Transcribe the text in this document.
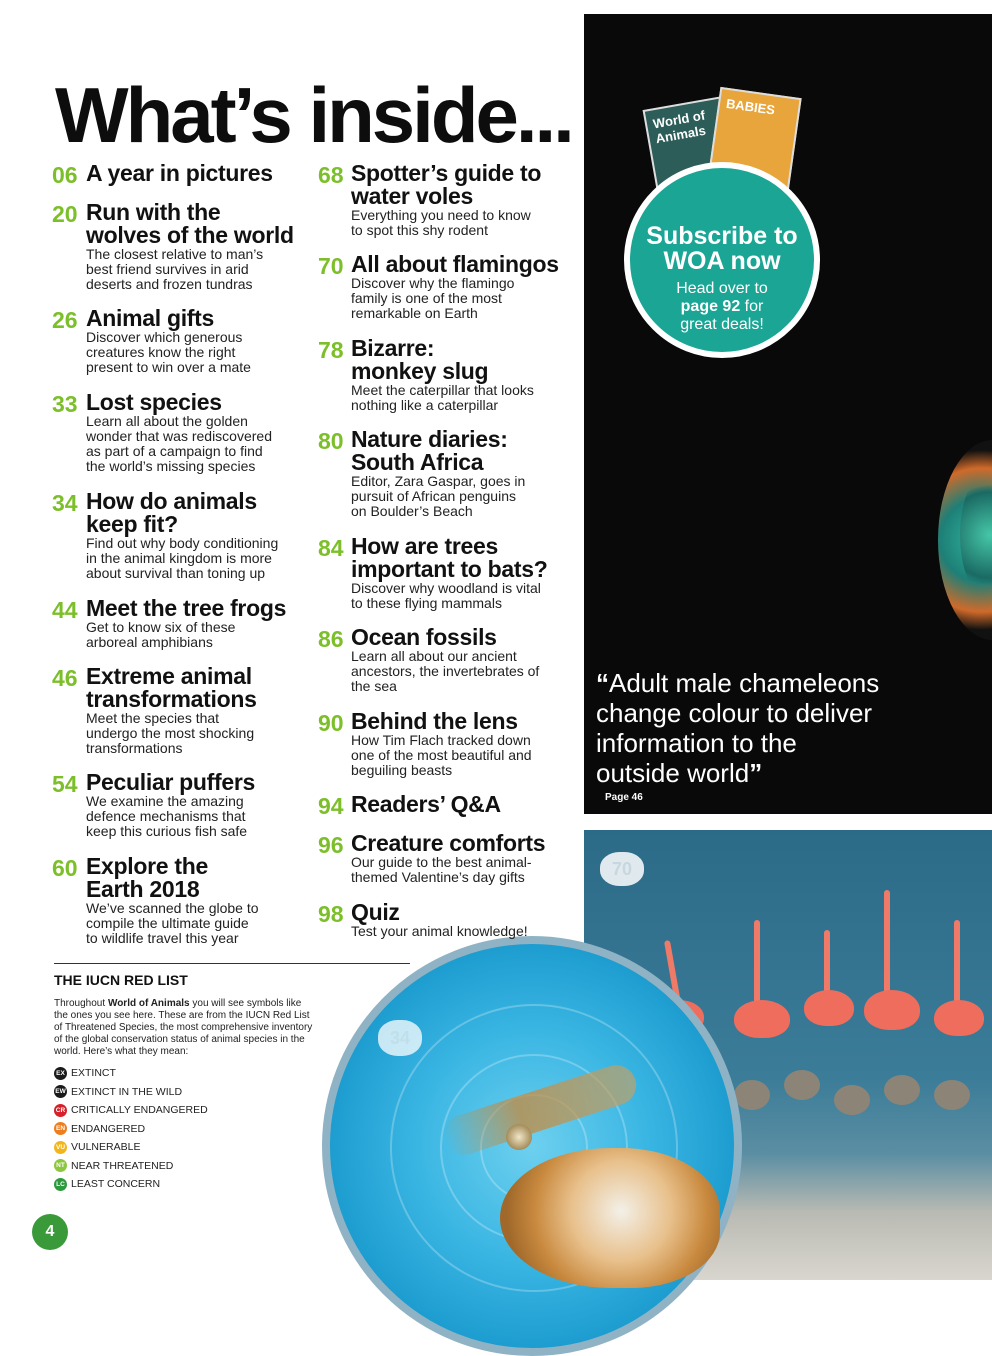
World of Animals
BABIES
Subscribe to
WOA now
Head over to
page 92 for
great deals!
“Adult male chameleons
change colour to deliver
information to the
outside world”
Page 46
70
34
What’s inside...
06 A year in pictures
20 Run with the
wolves of the world
The closest relative to man’s
best friend survives in arid
deserts and frozen tundras
26 Animal gifts
Discover which generous
creatures know the right
present to win over a mate
33 Lost species
Learn all about the golden
wonder that was rediscovered
as part of a campaign to find
the world’s missing species
34 How do animals
keep fit?
Find out why body conditioning
in the animal kingdom is more
about survival than toning up
44 Meet the tree frogs
Get to know six of these
arboreal amphibians
46 Extreme animal
transformations
Meet the species that
undergo the most shocking
transformations
54 Peculiar puffers
We examine the amazing
defence mechanisms that
keep this curious fish safe
60 Explore the
Earth 2018
We’ve scanned the globe to
compile the ultimate guide
to wildlife travel this year
68 Spotter’s guide to
water voles
Everything you need to know
to spot this shy rodent
70 All about flamingos
Discover why the flamingo
family is one of the most
remarkable on Earth
78 Bizarre:
monkey slug
Meet the caterpillar that looks
nothing like a caterpillar
80 Nature diaries:
South Africa
Editor, Zara Gaspar, goes in
pursuit of African penguins
on Boulder’s Beach
84 How are trees
important to bats?
Discover why woodland is vital
to these flying mammals
86 Ocean fossils
Learn all about our ancient
ancestors, the invertebrates of
the sea
90 Behind the lens
How Tim Flach tracked down
one of the most beautiful and
beguiling beasts
94 Readers’ Q&A
96 Creature comforts
Our guide to the best animal-
themed Valentine’s day gifts
98 Quiz
Test your animal knowledge!
THE IUCN RED LIST
Throughout World of Animals you will see symbols like the ones you see here. These are from the IUCN Red List of Threatened Species, the most comprehensive inventory of the global conservation status of animal species in the world. Here’s what they mean:
EX EXTINCT
EW EXTINCT IN THE WILD
CR CRITICALLY ENDANGERED
EN ENDANGERED
VU VULNERABLE
NT NEAR THREATENED
LC LEAST CONCERN
4
